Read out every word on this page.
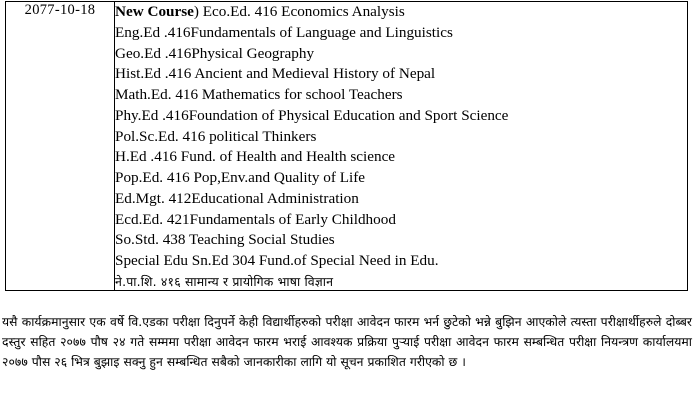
2077-10-18	New Course) Eco.Ed. 416 Economics Analysis
Eng.Ed .416Fundamentals of Language and Linguistics
Geo.Ed .416Physical Geography
Hist.Ed .416 Ancient and Medieval History of Nepal
Math.Ed. 416 Mathematics for school Teachers
Phy.Ed .416Foundation of Physical Education and Sport Science
Pol.Sc.Ed. 416 political Thinkers
H.Ed .416 Fund. of Health and Health science
Pop.Ed. 416 Pop,Env.and Quality of Life
Ed.Mgt. 412Educational Administration
Ecd.Ed. 421Fundamentals of Early Childhood
So.Std. 438 Teaching Social Studies
Special Edu Sn.Ed 304 Fund.of Special Need in Edu.
ने.पा.शि. ४१६ सामान्य र प्रायोगिक भाषा विज्ञान

यसै कार्यक्रमानुसार एक वर्षे वि.एडका परीक्षा दिनुपर्ने केही विद्यार्थीहरुको परीक्षा आवेदन फारम भर्न छुटेको भन्ने बुझिन आएकोले त्यस्ता परीक्षार्थीहरुले दोब्बर दस्तुर सहित २०७७ पौष २४ गते सम्ममा परीक्षा आवेदन फारम भराई आवश्यक प्रक्रिया पुऱ्याई परीक्षा आवेदन फारम सम्बन्धित परीक्षा नियन्त्रण कार्यालयमा २०७७ पौस २६ भित्र बुझाइ सक्नु हुन सम्बन्धित सबैको जानकारीका लागि यो सूचन प्रकाशित गरीएको छ ।
